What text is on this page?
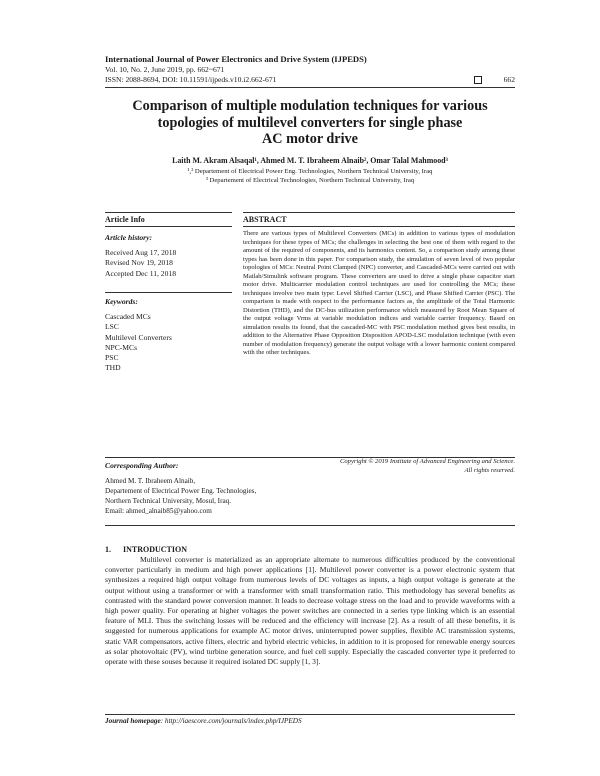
International Journal of Power Electronics and Drive System (IJPEDS)
Vol. 10, No. 2, June 2019, pp. 662~671
ISSN: 2088-8694, DOI: 10.11591/ijpeds.v10.i2.662-671	662
Comparison of multiple modulation techniques for various
topologies of multilevel converters for single phase
AC motor drive
Laith M. Akram Alsaqal¹, Ahmed M. T. Ibraheem Alnaib², Omar Talal Mahmood³
¹,² Departement of Electrical Power Eng. Technologies, Northern Technical University, Iraq
³ Departement of Electrical Technologies, Northern Technical University, Iraq
Article Info
Article history:
Received Aug 17, 2018
Revised Nov 19, 2018
Accepted Dec 11, 2018
Keywords:
Cascaded MCs
LSC
Multilevel Converters
NPC-MCs
PSC
THD
ABSTRACT
There are various types of Multilevel Converters (MCs) in addition to various types of modulation techniques for these types of MCs; the challenges in selecting the best one of them with regard to the amount of the required of components, and its harmonics content. So, a comparison study among these types has been done in this paper. For comparison study, the simulation of seven level of two popular topologies of MCs: Neutral Point Clamped (NPC) converter, and Cascaded-MCs were carried out with Matlab/Simulink software program. These converters are used to drive a single phase capacitor start motor drive. Multicarrier modulation control techniques are used for controlling the MCs; these techniques involve two main type: Level Shifted Carrier (LSC), and Phase Shifted Carrier (PSC). The comparison is made with respect to the performance factors as, the amplitude of the Total Harmonic Distortion (THD), and the DC-bus utilization performance which measured by Root Mean Square of the output voltage Vrms at variable modulation indices and variable carrier frequency. Based on simulation results its found, that the cascaded-MC with PSC modulation method gives best results, in addition to the Alternative Phase Opposition Disposition APOD-LSC modulation technique (with even number of modulation frequency) generate the output voltage with a lower harmonic content compared with the other techniques.
Copyright © 2019 Institute of Advanced Engineering and Science.
All rights reserved.
Corresponding Author:
Ahmed M. T. Ibraheem Alnaib,
Departement of Electrical Power Eng. Technologies,
Northern Technical University, Mosul, Iraq.
Email: ahmed_alnaib85@yahoo.com
1. INTRODUCTION
Multilevel converter is materialized as an appropriate alternate to numerous difficulties produced by the conventional converter particularly in medium and high power applications [1]. Multilevel power converter is a power electronic system that synthesizes a required high output voltage from numerous levels of DC voltages as inputs, a high output voltage is generate at the output without using a transformer or with a transformer with small transformation ratio. This methodology has several benefits as contrasted with the standard power conversion manner. It leads to decrease voltage stress on the load and to provide waveforms with a high power quality. For operating at higher voltages the power switches are connected in a series type linking which is an essential feature of MLI. Thus the switching losses will be reduced and the efficiency will increase [2]. As a result of all these benefits, it is suggested for numerous applications for example AC motor drives, uninterrupted power supplies, flexible AC transmission systems, static VAR compensators, active filters, electric and hybrid electric vehicles, in addition to it is proposed for renewable energy sources as solar photovoltaic (PV), wind turbine generation source, and fuel cell supply. Especially the cascaded converter type it preferred to operate with these souses because it required isolated DC supply [1, 3].
Journal homepage: http://iaescore.com/journals/index.php/IJPEDS
